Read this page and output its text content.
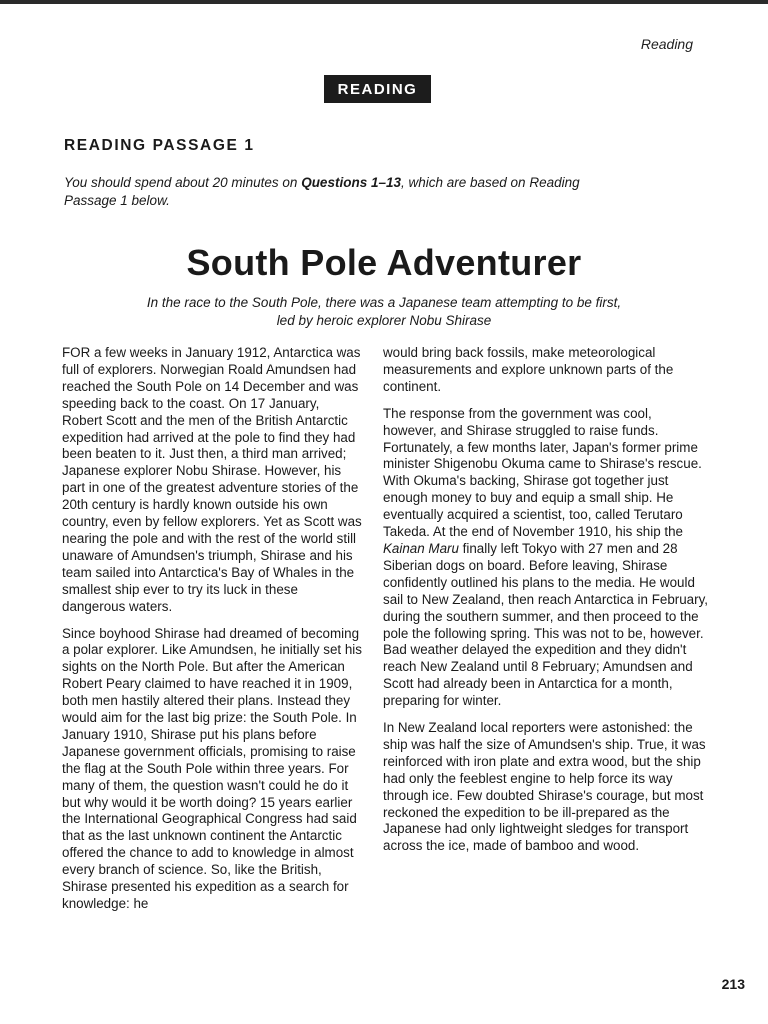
Reading
READING
READING PASSAGE 1
You should spend about 20 minutes on Questions 1–13, which are based on Reading Passage 1 below.
South Pole Adventurer
In the race to the South Pole, there was a Japanese team attempting to be first,
led by heroic explorer Nobu Shirase

FOR a few weeks in January 1912, Antarctica was full of explorers. Norwegian Roald Amundsen had reached the South Pole on 14 December and was speeding back to the coast. On 17 January, Robert Scott and the men of the British Antarctic expedition had arrived at the pole to find they had been beaten to it. Just then, a third man arrived; Japanese explorer Nobu Shirase. However, his part in one of the greatest adventure stories of the 20th century is hardly known outside his own country, even by fellow explorers. Yet as Scott was nearing the pole and with the rest of the world still unaware of Amundsen's triumph, Shirase and his team sailed into Antarctica's Bay of Whales in the smallest ship ever to try its luck in these dangerous waters.

Since boyhood Shirase had dreamed of becoming a polar explorer. Like Amundsen, he initially set his sights on the North Pole. But after the American Robert Peary claimed to have reached it in 1909, both men hastily altered their plans. Instead they would aim for the last big prize: the South Pole. In January 1910, Shirase put his plans before Japanese government officials, promising to raise the flag at the South Pole within three years. For many of them, the question wasn't could he do it but why would it be worth doing? 15 years earlier the International Geographical Congress had said that as the last unknown continent the Antarctic offered the chance to add to knowledge in almost every branch of science. So, like the British, Shirase presented his expedition as a search for knowledge: he

would bring back fossils, make meteorological measurements and explore unknown parts of the continent.

The response from the government was cool, however, and Shirase struggled to raise funds. Fortunately, a few months later, Japan's former prime minister Shigenobu Okuma came to Shirase's rescue. With Okuma's backing, Shirase got together just enough money to buy and equip a small ship. He eventually acquired a scientist, too, called Terutaro Takeda. At the end of November 1910, his ship the Kainan Maru finally left Tokyo with 27 men and 28 Siberian dogs on board. Before leaving, Shirase confidently outlined his plans to the media. He would sail to New Zealand, then reach Antarctica in February, during the southern summer, and then proceed to the pole the following spring. This was not to be, however. Bad weather delayed the expedition and they didn't reach New Zealand until 8 February; Amundsen and Scott had already been in Antarctica for a month, preparing for winter.

In New Zealand local reporters were astonished: the ship was half the size of Amundsen's ship. True, it was reinforced with iron plate and extra wood, but the ship had only the feeblest engine to help force its way through ice. Few doubted Shirase's courage, but most reckoned the expedition to be ill-prepared as the Japanese had only lightweight sledges for transport across the ice, made of bamboo and wood.

213
